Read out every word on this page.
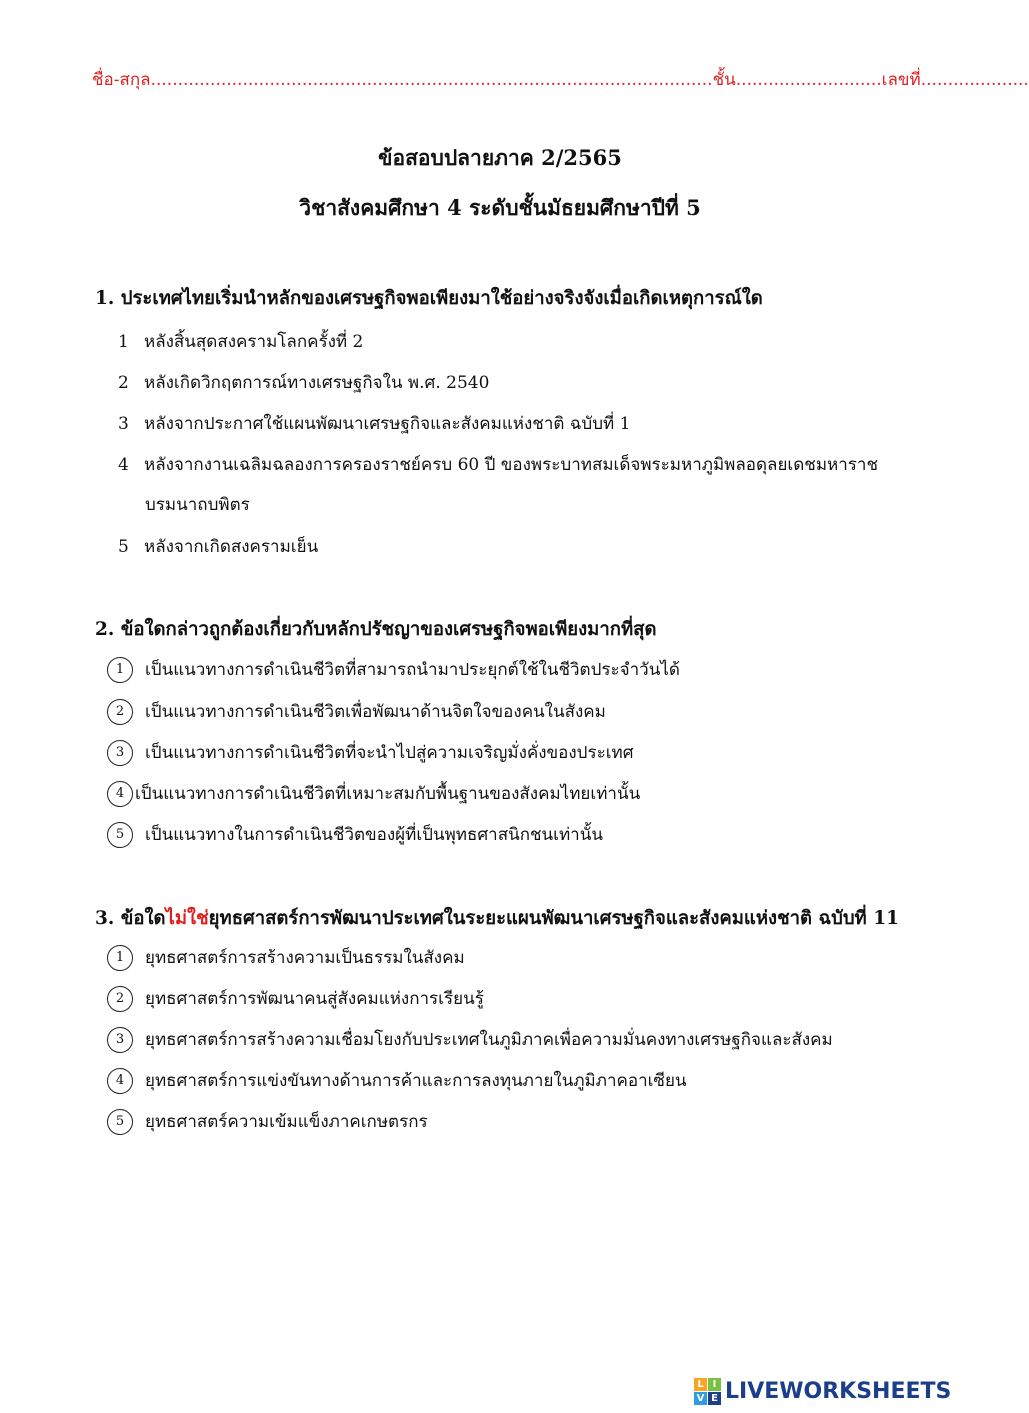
ชื่อ-สกุล........................................................................................................ชั้น...........................เลขที่....................
ข้อสอบปลายภาค 2/2565
วิชาสังคมศึกษา 4 ระดับชั้นมัธยมศึกษาปีที่ 5
1. ประเทศไทยเริ่มนำหลักของเศรษฐกิจพอเพียงมาใช้อย่างจริงจังเมื่อเกิดเหตุการณ์ใด
1 หลังสิ้นสุดสงครามโลกครั้งที่ 2
2 หลังเกิดวิกฤตการณ์ทางเศรษฐกิจใน พ.ศ. 2540
3 หลังจากประกาศใช้แผนพัฒนาเศรษฐกิจและสังคมแห่งชาติ ฉบับที่ 1
4 หลังจากงานเฉลิมฉลองการครองราชย์ครบ 60 ปี ของพระบาทสมเด็จพระมหาภูมิพลอดุลยเดชมหาราช
บรมนาถบพิตร
5 หลังจากเกิดสงครามเย็น
2. ข้อใดกล่าวถูกต้องเกี่ยวกับหลักปรัชญาของเศรษฐกิจพอเพียงมากที่สุด
1	เป็นแนวทางการดำเนินชีวิตที่สามารถนำมาประยุกต์ใช้ในชีวิตประจำวันได้
2	เป็นแนวทางการดำเนินชีวิตเพื่อพัฒนาด้านจิตใจของคนในสังคม
3	เป็นแนวทางการดำเนินชีวิตที่จะนำไปสู่ความเจริญมั่งคั่งของประเทศ
4 เป็นแนวทางการดำเนินชีวิตที่เหมาะสมกับพื้นฐานของสังคมไทยเท่านั้น
5	เป็นแนวทางในการดำเนินชีวิตของผู้ที่เป็นพุทธศาสนิกชนเท่านั้น
3. ข้อใดไม่ใช่ยุทธศาสตร์การพัฒนาประเทศในระยะแผนพัฒนาเศรษฐกิจและสังคมแห่งชาติ ฉบับที่ 11
1	ยุทธศาสตร์การสร้างความเป็นธรรมในสังคม
2	ยุทธศาสตร์การพัฒนาคนสู่สังคมแห่งการเรียนรู้
3	ยุทธศาสตร์การสร้างความเชื่อมโยงกับประเทศในภูมิภาคเพื่อความมั่นคงทางเศรษฐกิจและสังคม
4	ยุทธศาสตร์การแข่งขันทางด้านการค้าและการลงทุนภายในภูมิภาคอาเซียน
5	ยุทธศาสตร์ความเข้มแข็งภาคเกษตรกร
L I
V E LIVEWORKSHEETS
